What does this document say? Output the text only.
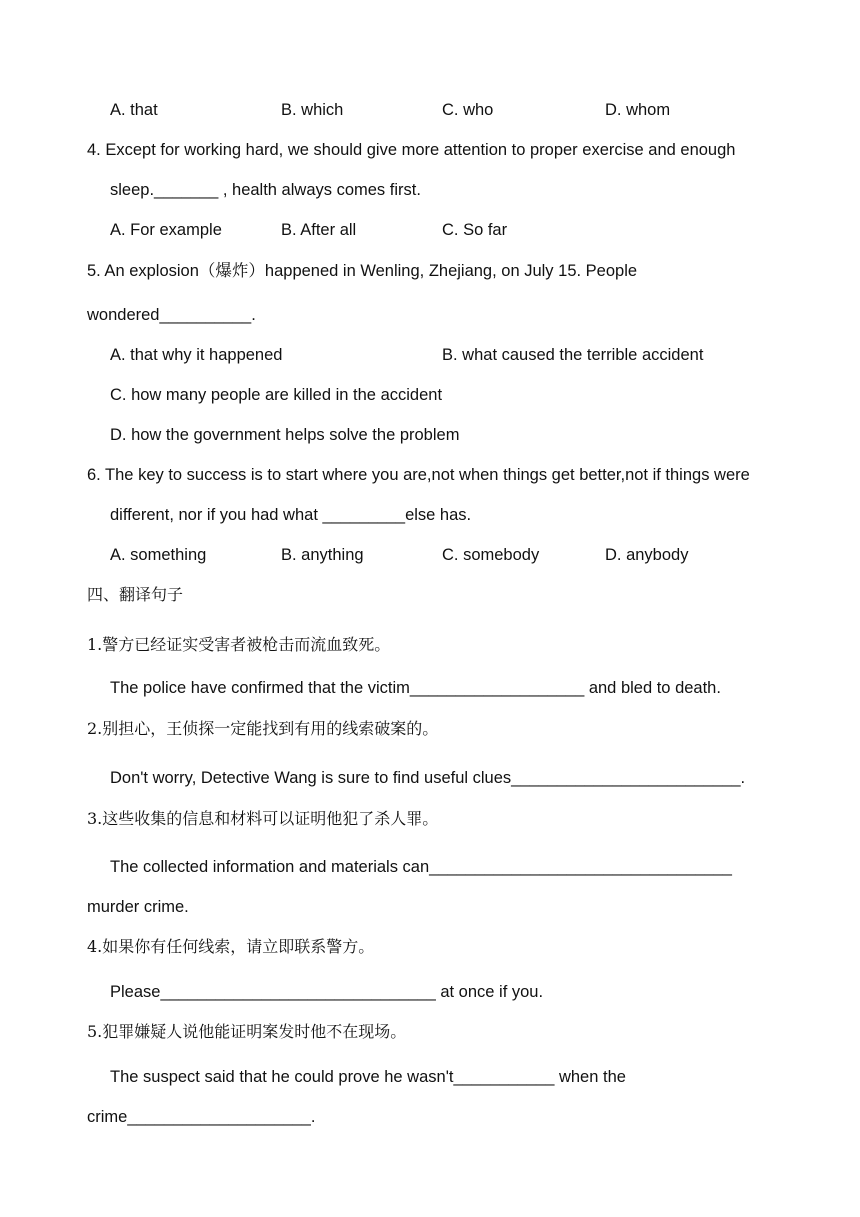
A. that	B. which	C. who	D. whom
4. Except for working hard, we should give more attention to proper exercise and enough
sleep._______ , health always comes first.
A. For example	B. After all	C. So far
5. An explosion（爆炸）happened in Wenling, Zhejiang, on July 15. People
wondered__________.
A. that why it happened	B. what caused the terrible accident
C. how many people are killed in the accident
D. how the government helps solve the problem
6. The key to success is to start where you are,not when things get better,not if things were
different, nor if you had what _________else has.
A. something	B. anything	C. somebody	D. anybody
四、翻译句子
1.警方已经证实受害者被枪击而流血致死。
The police have confirmed that the victim___________________ and bled to death.
2.别担心，王侦探一定能找到有用的线索破案的。
Don't worry, Detective Wang is sure to find useful clues_________________________.
3.这些收集的信息和材料可以证明他犯了杀人罪。
The collected information and materials can_________________________________
murder crime.
4.如果你有任何线索，请立即联系警方。
Please______________________________ at once if you.
5.犯罪嫌疑人说他能证明案发时他不在现场。
The suspect said that he could prove he wasn't___________ when the
crime____________________.
